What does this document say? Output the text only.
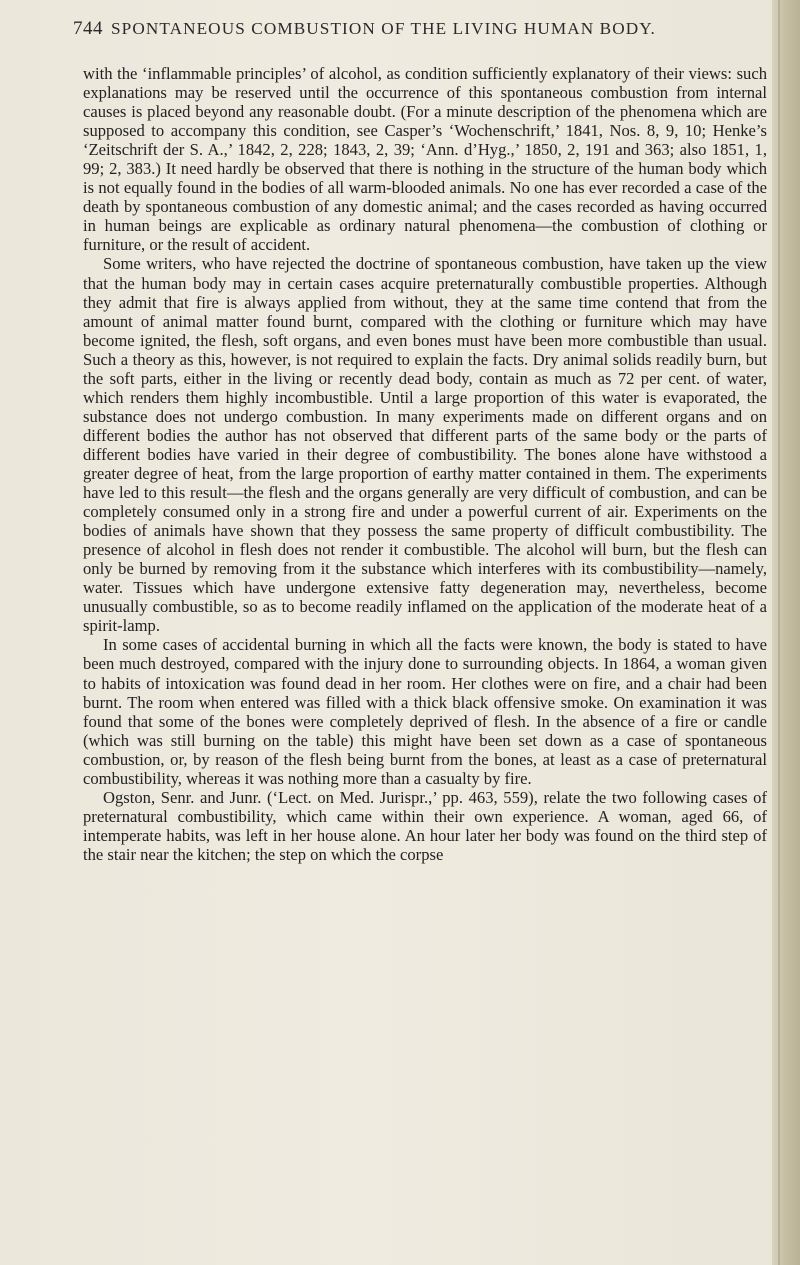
744 SPONTANEOUS COMBUSTION OF THE LIVING HUMAN BODY.

with the ‘inflammable principles’ of alcohol, as condition sufficiently explanatory of their views: such explanations may be reserved until the occurrence of this spontaneous combustion from internal causes is placed beyond any reasonable doubt. (For a minute description of the phenomena which are supposed to accompany this condition, see Casper’s ‘Wochenschrift,’ 1841, Nos. 8, 9, 10; Henke’s ‘Zeitschrift der S. A.,’ 1842, 2, 228; 1843, 2, 39; ‘Ann. d’Hyg.,’ 1850, 2, 191 and 363; also 1851, 1, 99; 2, 383.) It need hardly be observed that there is nothing in the structure of the human body which is not equally found in the bodies of all warm-blooded animals. No one has ever recorded a case of the death by spontaneous combustion of any domestic animal; and the cases recorded as having occurred in human beings are explicable as ordinary natural phenomena—the combustion of clothing or furniture, or the result of accident.

Some writers, who have rejected the doctrine of spontaneous combustion, have taken up the view that the human body may in certain cases acquire preternaturally combustible properties. Although they admit that fire is always applied from without, they at the same time contend that from the amount of animal matter found burnt, compared with the clothing or furniture which may have become ignited, the flesh, soft organs, and even bones must have been more combustible than usual. Such a theory as this, however, is not required to explain the facts. Dry animal solids readily burn, but the soft parts, either in the living or recently dead body, contain as much as 72 per cent. of water, which renders them highly incombustible. Until a large proportion of this water is evaporated, the substance does not undergo combustion. In many experiments made on different organs and on different bodies the author has not observed that different parts of the same body or the parts of different bodies have varied in their degree of combustibility. The bones alone have withstood a greater degree of heat, from the large proportion of earthy matter contained in them. The experiments have led to this result—the flesh and the organs generally are very difficult of combustion, and can be completely consumed only in a strong fire and under a powerful current of air. Experiments on the bodies of animals have shown that they possess the same property of difficult combustibility. The presence of alcohol in flesh does not render it combustible. The alcohol will burn, but the flesh can only be burned by removing from it the substance which interferes with its combustibility—namely, water. Tissues which have undergone extensive fatty degeneration may, nevertheless, become unusually combustible, so as to become readily inflamed on the application of the moderate heat of a spirit-lamp.

In some cases of accidental burning in which all the facts were known, the body is stated to have been much destroyed, compared with the injury done to surrounding objects. In 1864, a woman given to habits of intoxication was found dead in her room. Her clothes were on fire, and a chair had been burnt. The room when entered was filled with a thick black offensive smoke. On examination it was found that some of the bones were completely deprived of flesh. In the absence of a fire or candle (which was still burning on the table) this might have been set down as a case of spontaneous combustion, or, by reason of the flesh being burnt from the bones, at least as a case of preternatural combustibility, whereas it was nothing more than a casualty by fire.

Ogston, Senr. and Junr. (‘Lect. on Med. Jurispr.,’ pp. 463, 559), relate the two following cases of preternatural combustibility, which came within their own experience. A woman, aged 66, of intemperate habits, was left in her house alone. An hour later her body was found on the third step of the stair near the kitchen; the step on which the corpse
